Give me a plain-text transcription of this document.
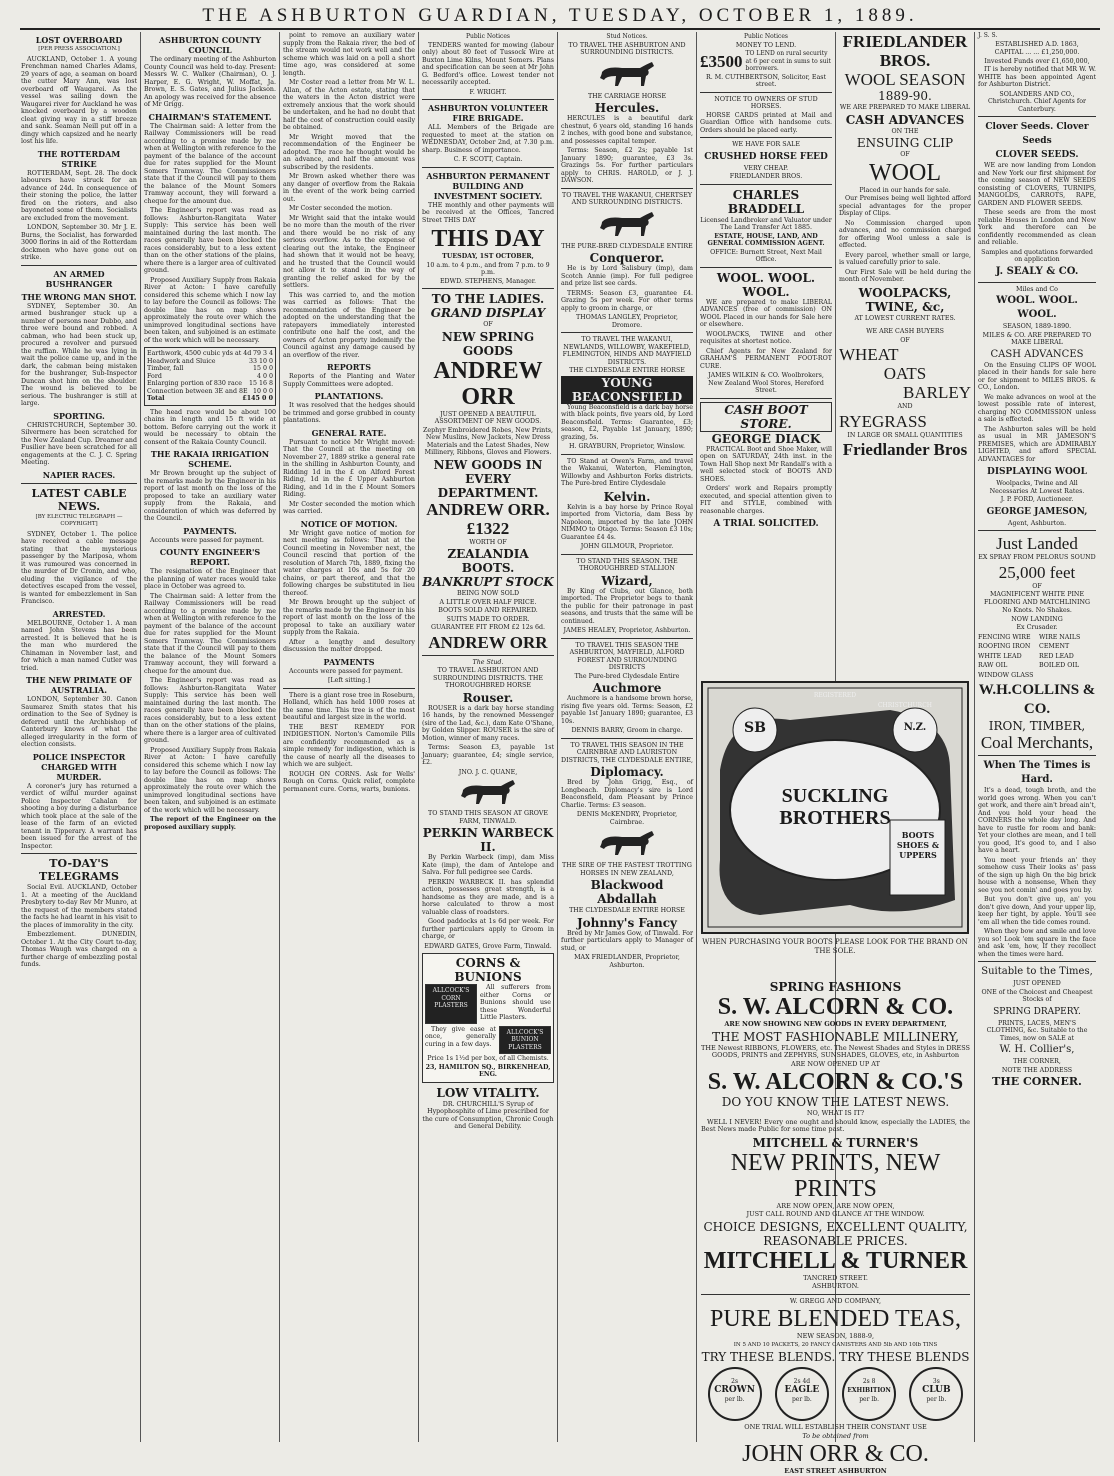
THE ASHBURTON GUARDIAN, TUESDAY, OCTOBER 1, 1889.
LOST OVERBOARD
[PER PRESS ASSOCIATION.]
AUCKLAND, October 1. A young Frenchman named Charles Adams, 29 years of age, a seaman on board the cutter Mary Ann, was lost overboard off Waugarei. As the vessel was sailing down the Waugarei river for Auckland he was knocked overboard by a wooden cleat giving way in a stiff breeze and sank. Seaman Neill put off in a dingy which capsized and he nearly lost his life.
THE ROTTERDAM STRIKE
ROTTERDAM, Sept. 28. The dock labourers have struck for an advance of 24d. In consequence of their stoning the police, the latter fired on the rioters, and also bayoneted some of them. Socialists are excluded from the movement.
LONDON, September 30. Mr J. E. Burns, the Socialist, has forwarded 3000 florins in aid of the Rotterdam dockmen who have gone out on strike.
AN ARMED BUSHRANGER
THE WRONG MAN SHOT.
SYDNEY, September 30. An armed bushranger stuck up a number of persons near Dubbo, and three were bound and robbed. A cabman, who had been stuck up, procured a revolver and pursued the ruffian. While he was lying in wait the police came up, and in the dark, the cabman being mistaken for the bushranger, Sub-Inspector Duncan shot him on the shoulder. The wound is believed to be serious. The bushranger is still at large.
SPORTING.
CHRISTCHURCH, September 30. Silvermere has been scratched for the New Zealand Cup. Dreamer and Fusilier have been scratched for all engagements at the C. J. C. Spring Meeting.
NAPIER RACES.
LATEST CABLE NEWS.
[BY ELECTRIC TELEGRAPH — COPYRIGHT]
SYDNEY, October 1. The police have received a cable message stating that the mysterious passenger by the Mariposa, whom it was rumoured was concerned in the murder of Dr Cronin, and who, eluding the vigilance of the detectives escaped from the vessel, is wanted for embezzlement in San Francisco.
ARRESTED.
MELBOURNE, October 1. A man named John Stevens has been arrested. It is believed that he is the man who murdered the Chinaman in November last, and for which a man named Cutler was tried.
THE NEW PRIMATE OF AUSTRALIA.
LONDON, September 30. Canon Saumarez Smith states that his ordination to the See of Sydney is deferred until the Archbishop of Canterbury knows of what the alleged irregularity in the form of election consists.
POLICE INSPECTOR CHARGED WITH MURDER.
A coroner's jury has returned a verdict of wilful murder against Police Inspector Cahalan for shooting a boy during a disturbance which took place at the sale of the lease of the farm of an evicted tenant in Tipperary. A warrant has been issued for the arrest of the Inspector.
TO-DAY'S TELEGRAMS
Social Evil. AUCKLAND, October 1. At a meeting of the Auckland Presbytery to-day Rev Mr Munro, at the request of the members stated the facts he had learnt in his visit to the places of immorality in the city.
Embezzlement. DUNEDIN, October 1. At the City Court to-day, Thomas Waugh was charged on a further charge of embezzling postal funds.
ASHBURTON COUNTY COUNCIL
The ordinary meeting of the Ashburton County Council was held to-day. Present: Messrs W. C. Walker (Chairman), O. J. Harper, E. G. Wright, W. Moffat, Ja. Brown, E. S. Gates, and Julius Jackson. An apology was received for the absence of Mr Grigg.
CHAIRMAN'S STATEMENT.
The Chairman said: A letter from the Railway Commissioners will be read according to a promise made by me when at Wellington with reference to the payment of the balance of the account due for rates supplied for the Mount Somers Tramway. The Commissioners state that if the Council will pay to them the balance of the Mount Somers Tramway account, they will forward a cheque for the amount due.
The Engineer's report was read as follows: Ashburton-Rangitata Water Supply: This service has been well maintained during the last month. The races generally have been blocked the races considerably, but to a less extent than on the other stations of the plains, where there is a larger area of cultivated ground.
Proposed Auxiliary Supply from Rakaia River at Acton: I have carefully considered this scheme which I now lay to lay before the Council as follows: The double line has on map shows approximately the route over which the unimproved longitudinal sections have been taken, and subjoined is an estimate of the work which will be necessary.
Earthwork, 4500 cubic yds at 4d 79 3 4
Headwork and Sluice	33 10 0
Timber, fall	15 0 0
Ford	4 0 0
Enlarging portion of 830 race 15 16 8
Connection between 3E and 8E 10 0 0
Total	£145 0 0
The head race would be about 100 chains in length and 15 ft wide at bottom. Before carrying out the work it would be necessary to obtain the consent of the Rakaia County Council.
THE RAKAIA IRRIGATION SCHEME.
Mr Brown brought up the subject of the remarks made by the Engineer in his report of last month on the loss of the proposed to take an auxiliary water supply from the Rakaia, and consideration of which was deferred by the Council.
PAYMENTS.
Accounts were passed for payment.
COUNTY ENGINEER'S REPORT.
The resignation of the Engineer that the planning of water races would take place in October was agreed to.
The Chairman said: A letter from the Railway Commissioners will be read according to a promise made by me when at Wellington with reference to the payment of the balance of the account due for rates supplied for the Mount Somers Tramway. The Commissioners state that if the Council will pay to them the balance of the Mount Somers Tramway account, they will forward a cheque for the amount due.
The Engineer's report was read as follows: Ashburton-Rangitata Water Supply: This service has been well maintained during the last month. The races generally have been blocked the races considerably, but to a less extent than on the other stations of the plains, where there is a larger area of cultivated ground.
Proposed Auxiliary Supply from Rakaia River at Acton: I have carefully considered this scheme which I now lay to lay before the Council as follows: The double line has on map shows approximately the route over which the unimproved longitudinal sections have been taken, and subjoined is an estimate of the work which will be necessary.
The report of the Engineer on the proposed auxiliary supply.
point to remove an auxiliary water supply from the Rakaia river, the bed of the stream would not work well and the scheme which was laid on a poll a short time ago, was considered at some length.
Mr Coster read a letter from Mr W. L. Allan, of the Acton estate, stating that the waters in the Acton district were extremely anxious that the work should be undertaken, and he had no doubt that half the cost of construction could easily be obtained.
Mr Wright moved that the recommendation of the Engineer be adopted. The race he thought would be an advance, and half the amount was subscribed by the residents.
Mr Brown asked whether there was any danger of overflow from the Rakaia in the event of the work being carried out.
Mr Coster seconded the motion.
Mr Wright said that the intake would be no more than the mouth of the river and there would be no risk of any serious overflow. As to the expense of clearing out the intake, the Engineer had shown that it would not be heavy, and he trusted that the Council would not allow it to stand in the way of granting the relief asked for by the settlers.
This was carried to, and the motion was carried as follows: That the recommendation of the Engineer be adopted on the understanding that the ratepayers immediately interested contribute one half the cost, and the owners of Acton property indemnify the Council against any damage caused by an overflow of the river.
REPORTS
Reports of the Planting and Water Supply Committees were adopted.
PLANTATIONS.
It was resolved that the hedges should be trimmed and gorse grubbed in county plantations.
GENERAL RATE.
Pursuant to notice Mr Wright moved: That the Council at the meeting on November 27, 1889 strike a general rate in the shilling in Ashburton County, and Ridding 1d in the £ on Alford Forest Riding, 1d in the £ Upper Ashburton Riding, and 1d in the £ Mount Somers Riding.
Mr Coster seconded the motion which was carried.
NOTICE OF MOTION.
Mr Wright gave notice of motion for next meeting as follows: That at the Council meeting in November next, the Council rescind that portion of the resolution of March 7th, 1889, fixing the water charges at 10s and 5s for 20 chains, or part thereof, and that the following charges be substituted in lieu thereof.
Mr Brown brought up the subject of the remarks made by the Engineer in his report of last month on the loss of the proposal to take an auxiliary water supply from the Rakaia.
After a lengthy and desultory discussion the matter dropped.
PAYMENTS
Accounts were passed for payment.
[Left sitting.]
There is a giant rose tree in Roseburn, Holland, which has held 1000 roses at the same time. This tree is of the most beautiful and largest size in the world.
THE BEST REMEDY FOR INDIGESTION. Norton's Camomile Pills are confidently recommended as a simple remedy for indigestion, which is the cause of nearly all the diseases to which we are subject.
ROUGH ON CORNS. Ask for Wells' Rough on Corns. Quick relief, complete permanent cure. Corns, warts, bunions.
Public Notices
TENDERS wanted for mowing (labour only) about 80 feet of Tussock Wire at Buxton Lime Kilns, Mount Somers. Plans and specification can be seen at Mr John G. Bedford's office. Lowest tender not necessarily accepted.
F. WRIGHT.
ASHBURTON VOLUNTEER FIRE BRIGADE.
ALL Members of the Brigade are requested to meet at the station on WEDNESDAY, October 2nd, at 7.30 p.m. sharp. Business of importance.
C. F. SCOTT, Captain.
ASHBURTON PERMANENT BUILDING AND INVESTMENT SOCIETY.
THE monthly and other payments will be received at the Offices, Tancred Street THIS DAY
THIS DAY
TUESDAY, 1ST OCTOBER,
10 a.m. to 4 p.m., and from 7 p.m. to 9 p.m.
EDWD. STEPHENS, Manager.
TO THE LADIES.
GRAND DISPLAY
OF
NEW SPRING GOODS
ANDREW ORR
JUST OPENED A BEAUTIFUL ASSORTMENT OF NEW GOODS.
Zephyr Embroidered Robes, New Prints, New Muslins, New Jackets, New Dress Materials and the Latest Shades, New Millinery, Ribbons, Gloves and Flowers.
NEW GOODS IN EVERY DEPARTMENT.
ANDREW ORR.
£1322
WORTH OF
ZEALANDIA BOOTS.
BANKRUPT STOCK
BEING NOW SOLD
A LITTLE OVER HALF PRICE.
BOOTS SOLD AND REPAIRED.
SUITS MADE TO ORDER.
GUARANTEE FIT FROM £2 12s 6d.
ANDREW ORR
The Stud.
TO TRAVEL ASHBURTON AND SURROUNDING DISTRICTS. THE THOROUGHBRED HORSE
Rouser.
ROUSER is a dark bay horse standing 16 hands, by the renowned Messenger (sire of the Lad, &c.), dam Kate O'Shane, by Golden Slipper. ROUSER is the sire of Motion, winner of many races.
Terms: Season £3, payable 1st January; guarantee, £4; single service, £2.
JNO. J. C. QUANE,
TO STAND THIS SEASON AT GROVE FARM, TINWALD.
PERKIN WARBECK II.
By Perkin Warbeck (imp), dam Miss Kate (imp), the dam of Antelope and Salva. For full pedigree see Cards.
PERKIN WARBECK II. has splendid action, possesses great strength, is a handsome as they are made, and is a horse calculated to throw a most valuable class of roadsters.
Good paddocks at 1s 6d per week. For further particulars apply to Groom in charge, or
EDWARD GATES, Grove Farm, Tinwald.
CORNS & BUNIONS
ALLCOCK'S CORN PLASTERS
All sufferers from either Corns or Bunions should use these Wonderful Little Plasters.
They give ease at once, generally curing in a few days.
ALLCOCK'S BUNION PLASTERS
Price 1s 1½d per box, of all Chemists.
23, HAMILTON SQ., BIRKENHEAD, ENG.
LOW VITALITY.
DR. CHURCHILL'S Syrup of Hypophosphite of Lime prescribed for the cure of Consumption, Chronic Cough and General Debility.
Stud Notices.
TO TRAVEL THE ASHBURTON AND SURROUNDING DISTRICTS.
THE CARRIAGE HORSE
Hercules.
HERCULES is a beautiful dark chestnut, 6 years old, standing 16 hands 2 inches, with good bone and substance, and possesses capital temper.
Terms: Season, £2 2s; payable 1st January 1890; guarantee, £3 3s. Grazings 5s. For further particulars apply to CHRIS. HAROLD, or J. J. DAWSON.
TO TRAVEL THE WAKANUI, CHERTSEY AND SURROUNDING DISTRICTS.
THE PURE-BRED CLYDESDALE ENTIRE
Conqueror.
He is by Lord Salisbury (imp), dam Scotch Annie (imp). For full pedigree and prize list see cards.
TERMS: Season £3, guarantee £4. Grazing 5s per week. For other terms apply to groom in charge, or
THOMAS LANGLEY, Proprietor, Dromore.
TO TRAVEL THE WAKANUI, NEWLANDS, WILLOWBY, WAKEFIELD, FLEMINGTON, HINDS AND MAYFIELD DISTRICTS.
THE CLYDESDALE ENTIRE HORSE
YOUNG BEACONSFIELD
Young Beaconsfield is a dark bay horse with black points, five years old, by Lord Beaconsfield. Terms: Guarantee, £3; season, £2, Payable 1st January, 1890; grazing, 5s.
H. GRAYBURN, Proprietor, Winslow.
TO Stand at Owen's Farm, and travel the Wakanui, Waterton, Flemington, Willowby and Ashburton Forks districts. The Pure-bred Entire Clydesdale
Kelvin.
Kelvin is a bay horse by Prince Royal imported from Victoria, dam Bess by Napoleon, imported by the late JOHN NIMMO to Otago. Terms: Season £3 10s; Guarantee £4 4s.
JOHN GILMOUR, Proprietor.
TO STAND THIS SEASON. THE THOROUGHBRED STALLION
Wizard,
By King of Clubs, out Glance, both imported. The Proprietor begs to thank the public for their patronage in past seasons, and trusts that the same will be continued.
JAMES HEALEY, Proprietor, Ashburton.
TO TRAVEL THIS SEASON THE ASHBURTON, MAYFIELD, ALFORD FOREST AND SURROUNDING DISTRICTS
The Pure-bred Clydesdale Entire
Auchmore
Auchmore is a handsome brown horse, rising five years old. Terms: Season, £2 payable 1st January 1890; guarantee, £3 10s.
DENNIS BARRY, Groom in charge.
TO TRAVEL THIS SEASON IN THE CAIRNBRAE AND LAURISTON DISTRICTS, THE CLYDESDALE ENTIRE,
Diplomacy.
Bred by John Grigg, Esq., of Longbeach. Diplomacy's sire is Lord Beaconsfield, dam Pleasant by Prince Charlie. Terms: £3 season.
DENIS McKENDRY, Proprietor, Cairnbrae.
THE SIRE OF THE FASTEST TROTTING HORSES IN NEW ZEALAND,
Blackwood Abdallah
THE CLYDESDALE ENTIRE HORSE
Johnny's Fancy
Bred by Mr James Gow, of Tinwald. For further particulars apply to Manager of stud, or
MAX FRIEDLANDER, Proprietor, Ashburton.
Public Notices
MONEY TO LEND.
£3500 TO LEND on rural security at 6 per cent in sums to suit borrowers.
R. M. CUTHBERTSON, Solicitor, East street.
NOTICE TO OWNERS OF STUD HORSES.
HORSE CARDS printed at Mail and Guardian Office with handsome cuts. Orders should be placed early.
WE HAVE FOR SALE
CRUSHED HORSE FEED
VERY CHEAP.
FRIEDLANDER BROS.
CHARLES BRADDELL
Licensed Landbroker and Valuator under The Land Transfer Act 1885.
ESTATE, HOUSE, LAND, AND GENERAL COMMISSION AGENT.
OFFICE: Burnett Street, Next Mail Office.
WOOL. WOOL. WOOL.
WE are prepared to make LIBERAL ADVANCES (free of commission) ON WOOL Placed in our hands for Sale here or elsewhere.
WOOLPACKS, TWINE and other requisites at shortest notice.
Chief Agents for New Zealand for GRAHAM'S PERMANENT FOOT-ROT CURE.
JAMES WILKIN & CO. Woolbrokers, New Zealand Wool Stores, Hereford Street.
CASH BOOT STORE.
GEORGE DIACK
PRACTICAL Boot and Shoe Maker, will open on SATURDAY, 24th inst. in the Town Hall Shop next Mr Randall's with a well selected stock of BOOTS AND SHOES.
Orders' work and Repairs promptly executed, and special attention given to FIT and STYLE, combined with reasonable charges.
A TRIAL SOLICITED.
FRIEDLANDER BROS.
WOOL SEASON
1889-90.
WE ARE PREPARED TO MAKE LIBERAL
CASH ADVANCES
ON THE
ENSUING CLIP
OF
WOOL
Placed in our hands for sale.
Our Premises being well lighted afford special advantages for the proper Display of Clips.
No Commission charged upon advances, and no commission charged for offering Wool unless a sale is effected.
Every parcel, whether small or large, is valued carefully prior to sale.
Our First Sale will be held during the month of November.
WOOLPACKS, TWINE, &c,
AT LOWEST CURRENT RATES.
WE ARE CASH BUYERS
OF
WHEAT
OATS
BARLEY
AND
RYEGRASS
IN LARGE OR SMALL QUANTITIES
Friedlander Bros
SB
REGISTERED
CHRISTCHURCH
N.Z.
SUCKLING BROTHERS
BOOTS SHOES & UPPERS
WHEN PURCHASING YOUR BOOTS PLEASE LOOK FOR THE BRAND ON THE SOLE.
SPRING FASHIONS
S. W. ALCORN & CO.
ARE NOW SHOWING NEW GOODS IN EVERY DEPARTMENT,
THE MOST FASHIONABLE MILLINERY,
THE Newest RIBBONS, FLOWERS, etc. The Newest Shades and Styles in DRESS GOODS, PRINTS and ZEPHYRS, SUNSHADES, GLOVES, etc, in Ashburton
ARE NOW OPENED UP AT
S. W. ALCORN & CO.'S
DO YOU KNOW THE LATEST NEWS.
NO, WHAT IS IT?
WELL I NEVER! Every one ought and should know, especially the LADIES, the Best News made Public for some time past.
MITCHELL & TURNER'S
NEW PRINTS, NEW PRINTS
ARE NOW OPEN, ARE NOW OPEN,
JUST CALL ROUND AND GLANCE AT THE WINDOW.
CHOICE DESIGNS, EXCELLENT QUALITY, REASONABLE PRICES.
MITCHELL & TURNER
TANCRED STREET.
ASHBURTON.
W. GREGG AND COMPANY,
PURE BLENDED TEAS,
NEW SEASON, 1888-9,
IN 5 AND 10 PACKETS, 20 FANCY CANISTERS AND 5lb AND 10lb TINS
TRY THESE BLENDS. TRY THESE BLENDS
2s
CROWN
per lb.
2s 4d
EAGLE
per lb.
2s 8
EXHIBITION
per lb.
3s
CLUB
per lb.
ONE TRIAL WILL ESTABLISH THEIR CONSTANT USE
To be obtained from
JOHN ORR & CO.
EAST STREET ASHBURTON
J. S. S.
ESTABLISHED A.D. 1863,
CAPITAL ... ... £1,250,000.
Invested Funds over £1,650,000,
IT is hereby notified that MR W. W. WHITE has been appointed Agent for Ashburton District.
SOLANDERS AND CO., Christchurch. Chief Agents for Canterbury.
Clover Seeds. Clover Seeds
CLOVER SEEDS.
WE are now landing from London and New York our first shipment for the coming season of NEW SEEDS consisting of CLOVERS, TURNIPS, MANGOLDS, CARROTS, RAPE, GARDEN AND FLOWER SEEDS.
These seeds are from the most reliable Houses in London and New York and therefore can be confidently recommended as clean and reliable.
Samples and quotations forwarded on application
J. SEALY & CO.
Miles and Co
WOOL. WOOL. WOOL.
SEASON, 1889-1890.
MILES & CO. ARE PREPARED TO MAKE LIBERAL
CASH ADVANCES
On the Ensuing CLIPS OF WOOL placed in their hands for sale here or for shipment to MILES BROS. & CO., London.
We make advances on wool at the lowest possible rate of interest, charging NO COMMISSION unless a sale is effected.
The Ashburton sales will be held as usual in MR JAMESON'S PREMISES, which are ADMIRABLY LIGHTED, and afford SPECIAL ADVANTAGES for
DISPLAYING WOOL
Woolpacks, Twine and All Necessaries At Lowest Rates.
J. P. FORD, Auctioneer.
GEORGE JAMESON,
Agent, Ashburton.
Just Landed
EX SPRAY FROM PELORUS SOUND
25,000 feet
OF
MAGNIFICENT WHITE PINE FLOORING AND MATCHLINING
No Knots. No Shakes.
NOW LANDING
Ex Crusader.
FENCING WIRE	WIRE NAILS
ROOFING IRON	CEMENT
WHITE LEAD	RED LEAD
RAW OIL	BOILED OIL
WINDOW GLASS
W.H.COLLINS & CO.
IRON, TIMBER,
Coal Merchants,
When The Times is Hard.
It's a dead, tough broth, and the world goes wrong. When you can't get work, and there ain't bread ain't, And you hold your head the CORNERS the whole day long. And have to rustle for room and bank: Yet your clothes are mean, and I tell you good, It's good to, and I also have a heart.
You meet your friends an' they somehow cuss Their looks as' pass of the sign up high On the big brick house with a nonsense, When they see you not comin' and goes you by.
But you don't give up, an' you don't give down, And your upper lip, keep her tight, by apple. You'll see 'em all when the tide comes round.
When they bow and smile and love you so! Look 'em square in the face and ask 'em, how, If they recollect when the times were hard.
Suitable to the Times,
JUST OPENED
ONE of the Choicest and Cheapest Stocks of
SPRING DRAPERY.
PRINTS, LACES, MEN'S CLOTHING, &c. Suitable to the Times, now on SALE at
W. H. Collier's,
THE CORNER,
NOTE THE ADDRESS
THE CORNER.
